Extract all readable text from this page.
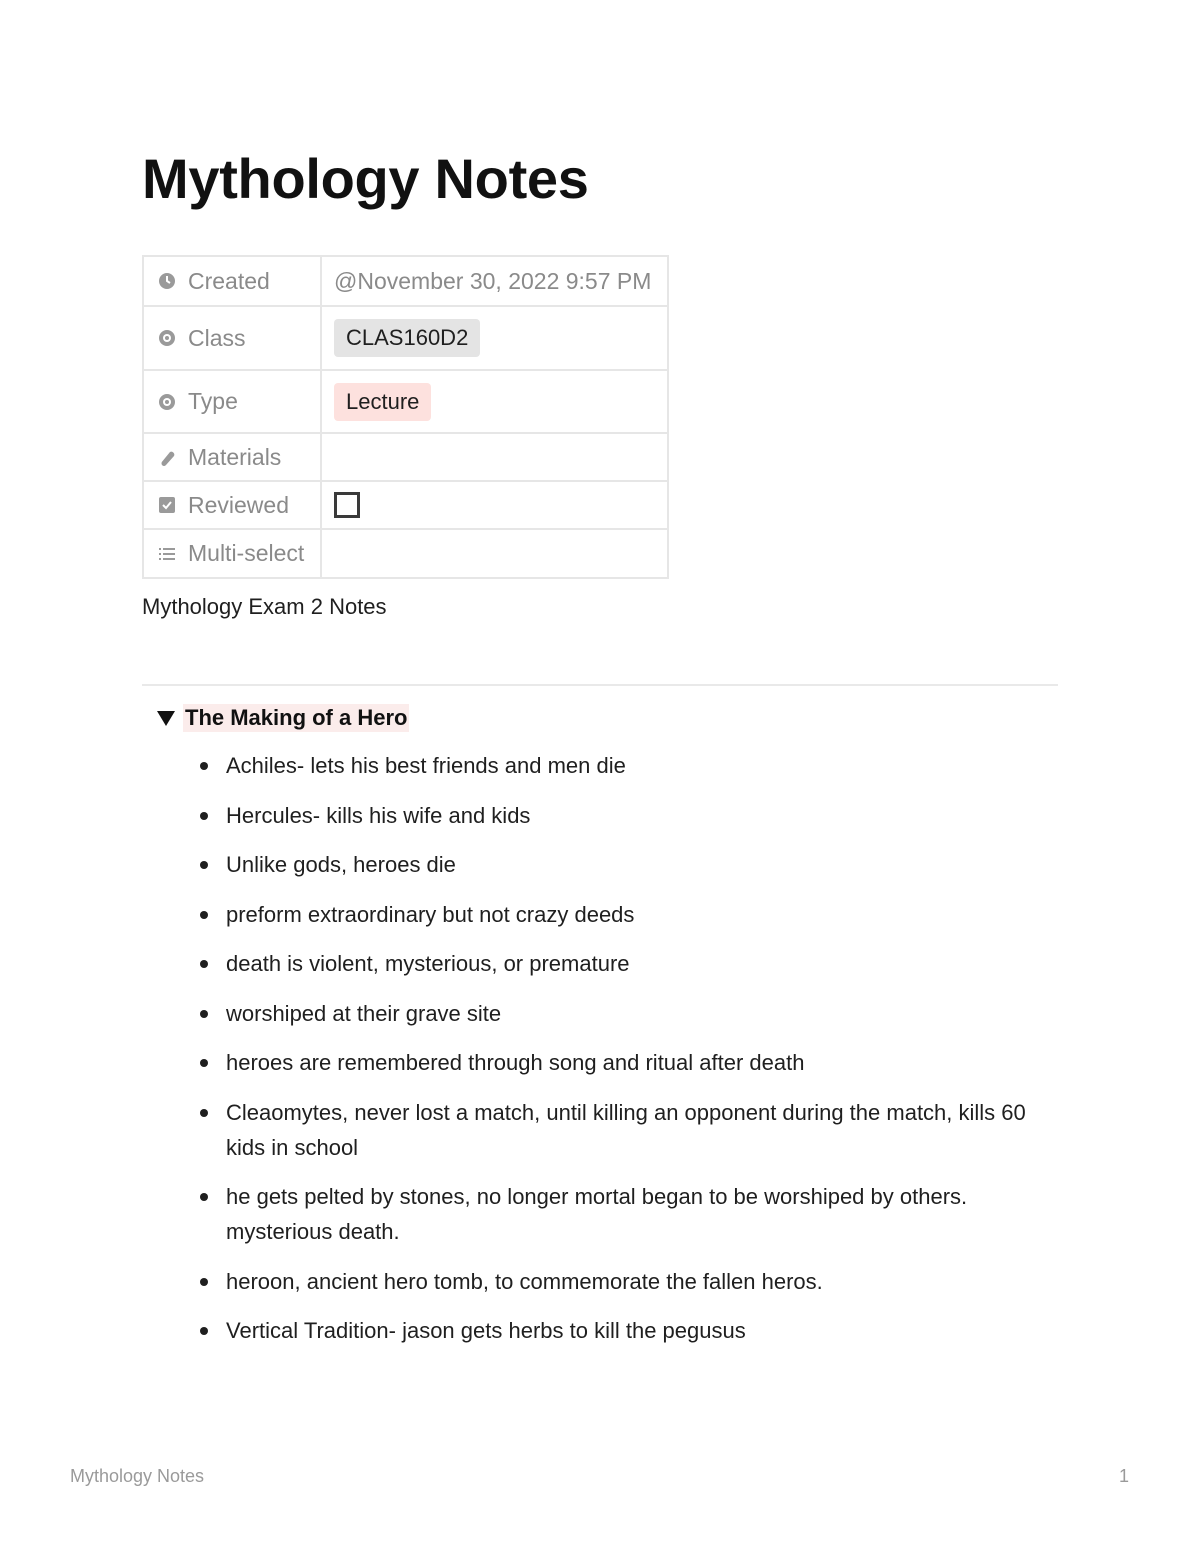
Mythology Notes
Created	@November 30, 2022 9:57 PM

Class	CLAS160D2

Type	Lecture

Materials	

Reviewed	

Multi-select	

Mythology Exam 2 Notes

The Making of a Hero
Achiles- lets his best friends and men die
Hercules- kills his wife and kids
Unlike gods, heroes die
preform extraordinary but not crazy deeds
death is violent, mysterious, or premature
worshiped at their grave site
heroes are remembered through song and ritual after death
Cleaomytes, never lost a match, until killing an opponent during the match, kills 60 kids in school
he gets pelted by stones, no longer mortal began to be worshiped by others. mysterious death.
heroon, ancient hero tomb, to commemorate the fallen heros.
Vertical Tradition- jason gets herbs to kill the pegusus
Mythology Notes	1
